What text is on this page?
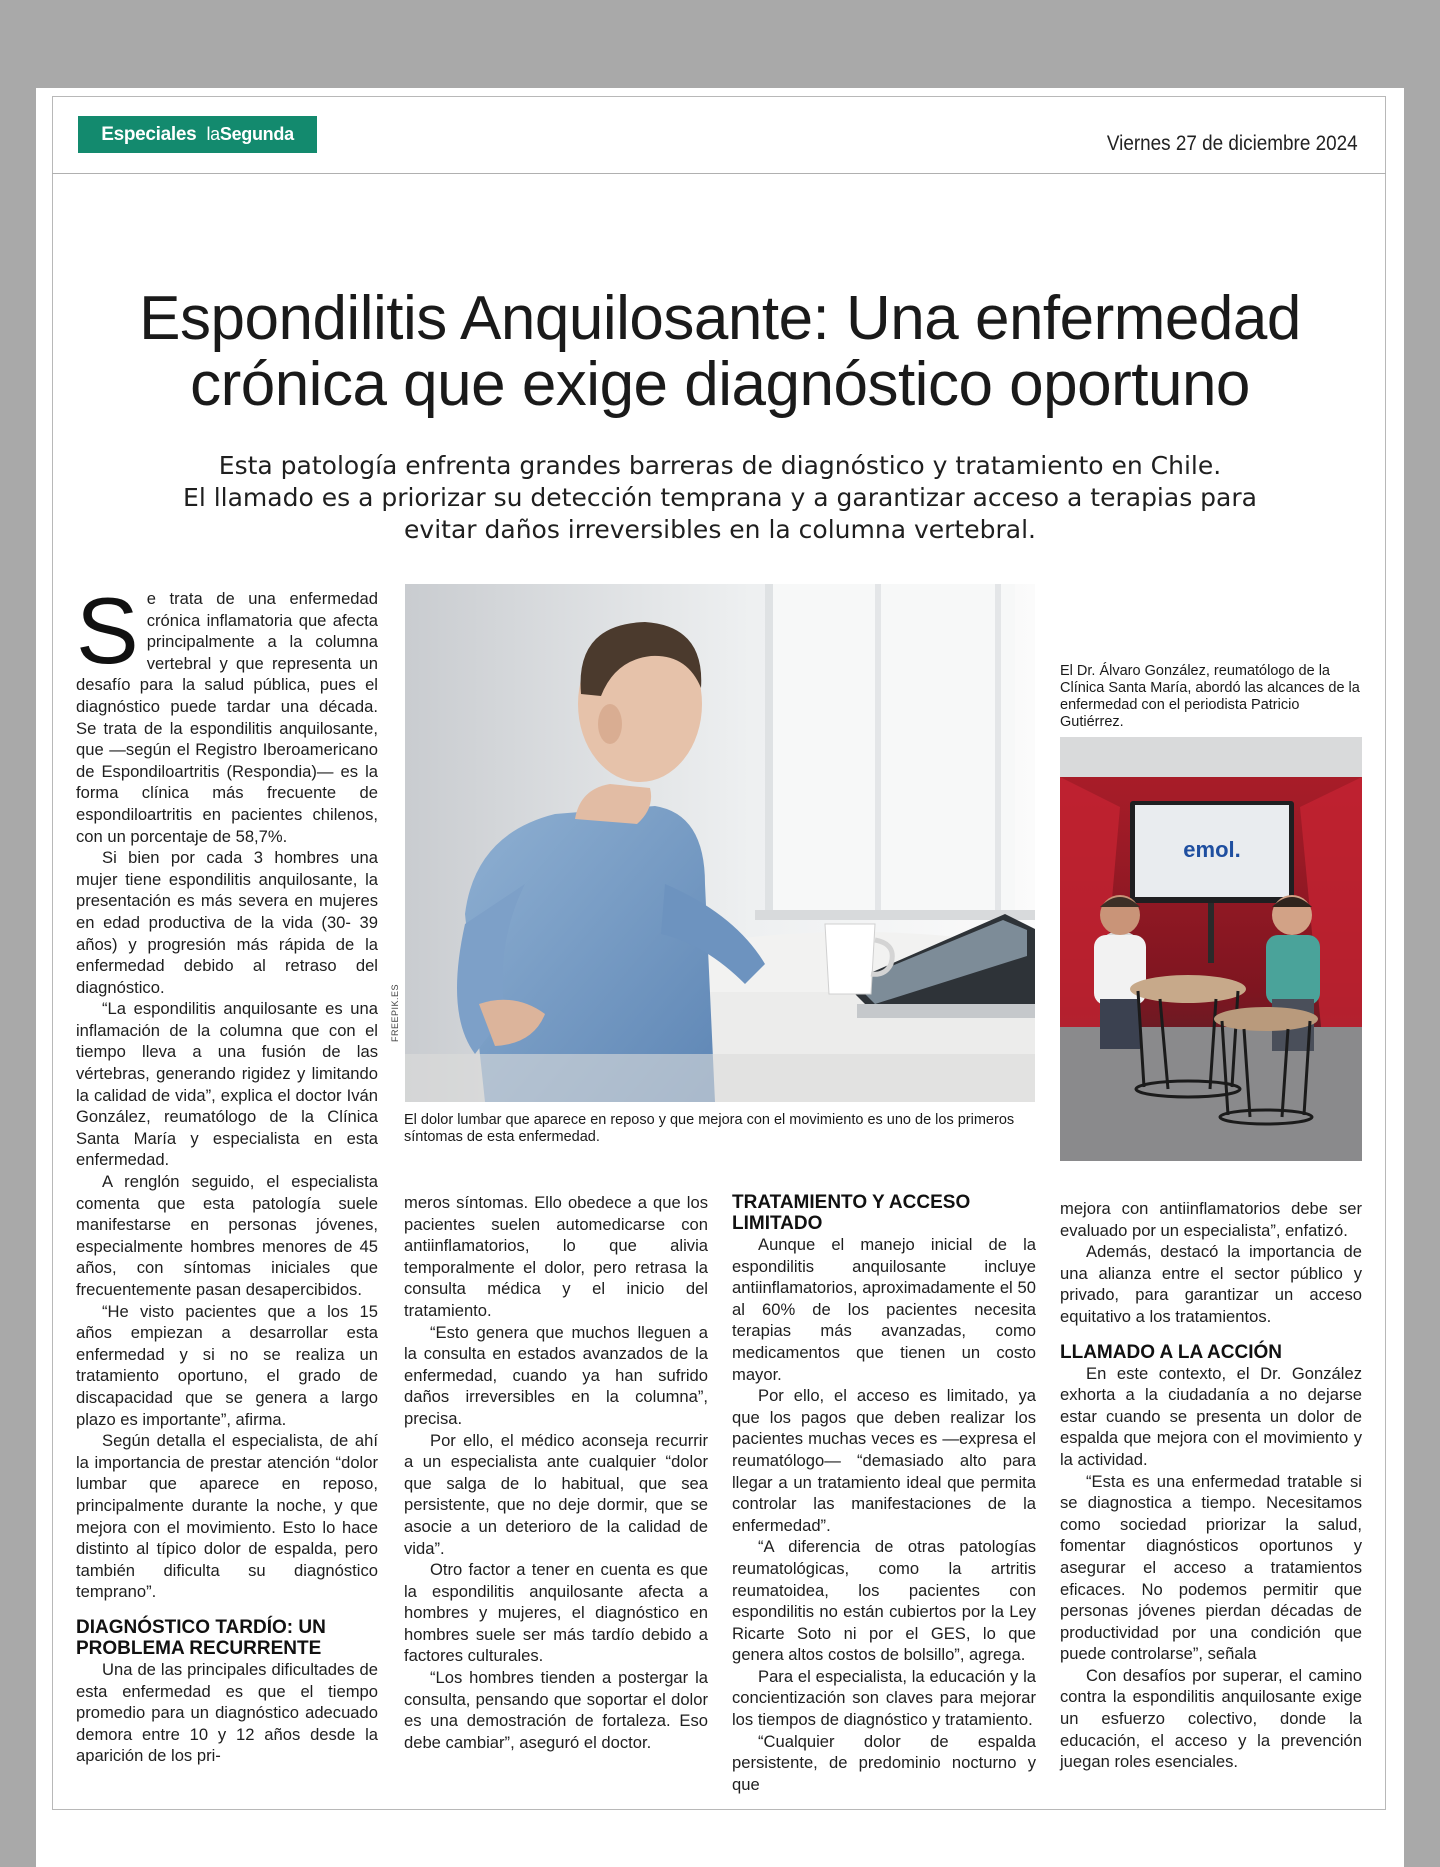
Especiales la Segunda	Viernes 27 de diciembre 2024
Espondilitis Anquilosante: Una enfermedad
crónica que exige diagnóstico oportuno

Esta patología enfrenta grandes barreras de diagnóstico y tratamiento en Chile.
El llamado es a priorizar su detección temprana y a garantizar acceso a terapias para
evitar daños irreversibles en la columna vertebral.

Se trata de una enfermedad crónica inflamatoria que afecta principalmente a la columna vertebral y que representa un desafío para la salud pública, pues el diagnóstico puede tardar una década. Se trata de la espondilitis anquilosante, que —según el Registro Iberoamericano de Espondiloartritis (Respondia)— es la forma clínica más frecuente de espondiloartritis en pacientes chilenos, con un porcentaje de 58,7%.

Si bien por cada 3 hombres una mujer tiene espondilitis anquilosante, la presentación es más severa en mujeres en edad productiva de la vida (30- 39 años) y progresión más rápida de la enfermedad debido al retraso del diagnóstico.

“La espondilitis anquilosante es una inflamación de la columna que con el tiempo lleva a una fusión de las vértebras, generando rigidez y limitando la calidad de vida”, explica el doctor Iván González, reumatólogo de la Clínica Santa María y especialista en esta enfermedad.

A renglón seguido, el especialista comenta que esta patología suele manifestarse en personas jóvenes, especialmente hombres menores de 45 años, con síntomas iniciales que frecuentemente pasan desapercibidos.

“He visto pacientes que a los 15 años empiezan a desarrollar esta enfermedad y si no se realiza un tratamiento oportuno, el grado de discapacidad que se genera a largo plazo es importante”, afirma.

Según detalla el especialista, de ahí la importancia de prestar atención “dolor lumbar que aparece en reposo, principalmente durante la noche, y que mejora con el movimiento. Esto lo hace distinto al típico dolor de espalda, pero también dificulta su diagnóstico temprano”.

DIAGNÓSTICO TARDÍO: UN PROBLEMA RECURRENTE

Una de las principales dificultades de esta enfermedad es que el tiempo promedio para un diagnóstico adecuado demora entre 10 y 12 años desde la aparición de los pri-

FREEPIK.ES
El dolor lumbar que aparece en reposo y que mejora con el movimiento es uno de los primeros síntomas de esta enfermedad.
El Dr. Álvaro González, reumatólogo de la Clínica Santa María, abordó las alcances de la enfermedad con el periodista Patricio Gutiérrez.
emol.

meros síntomas. Ello obedece a que los pacientes suelen automedicarse con antiinflamatorios, lo que alivia temporalmente el dolor, pero retrasa la consulta médica y el inicio del tratamiento.

“Esto genera que muchos lleguen a la consulta en estados avanzados de la enfermedad, cuando ya han sufrido daños irreversibles en la columna”, precisa.

Por ello, el médico aconseja recurrir a un especialista ante cualquier “dolor que salga de lo habitual, que sea persistente, que no deje dormir, que se asocie a un deterioro de la calidad de vida”.

Otro factor a tener en cuenta es que la espondilitis anquilosante afecta a hombres y mujeres, el diagnóstico en hombres suele ser más tardío debido a factores culturales.

“Los hombres tienden a postergar la consulta, pensando que soportar el dolor es una demostración de fortaleza. Eso debe cambiar”, aseguró el doctor.

TRATAMIENTO Y ACCESO LIMITADO

Aunque el manejo inicial de la espondilitis anquilosante incluye antiinflamatorios, aproximadamente el 50 al 60% de los pacientes necesita terapias más avanzadas, como medicamentos que tienen un costo mayor.

Por ello, el acceso es limitado, ya que los pagos que deben realizar los pacientes muchas veces es —expresa el reumatólogo— “demasiado alto para llegar a un tratamiento ideal que permita controlar las manifestaciones de la enfermedad”.

“A diferencia de otras patologías reumatológicas, como la artritis reumatoidea, los pacientes con espondilitis no están cubiertos por la Ley Ricarte Soto ni por el GES, lo que genera altos costos de bolsillo”, agrega.

Para el especialista, la educación y la concientización son claves para mejorar los tiempos de diagnóstico y tratamiento.

“Cualquier dolor de espalda persistente, de predominio nocturno y que

mejora con antiinflamatorios debe ser evaluado por un especialista”, enfatizó.

Además, destacó la importancia de una alianza entre el sector público y privado, para garantizar un acceso equitativo a los tratamientos.

LLAMADO A LA ACCIÓN

En este contexto, el Dr. González exhorta a la ciudadanía a no dejarse estar cuando se presenta un dolor de espalda que mejora con el movimiento y la actividad.

“Esta es una enfermedad tratable si se diagnostica a tiempo. Necesitamos como sociedad priorizar la salud, fomentar diagnósticos oportunos y asegurar el acceso a tratamientos eficaces. No podemos permitir que personas jóvenes pierdan décadas de productividad por una condición que puede controlarse”, señala

Con desafíos por superar, el camino contra la espondilitis anquilosante exige un esfuerzo colectivo, donde la educación, el acceso y la prevención juegan roles esenciales.
